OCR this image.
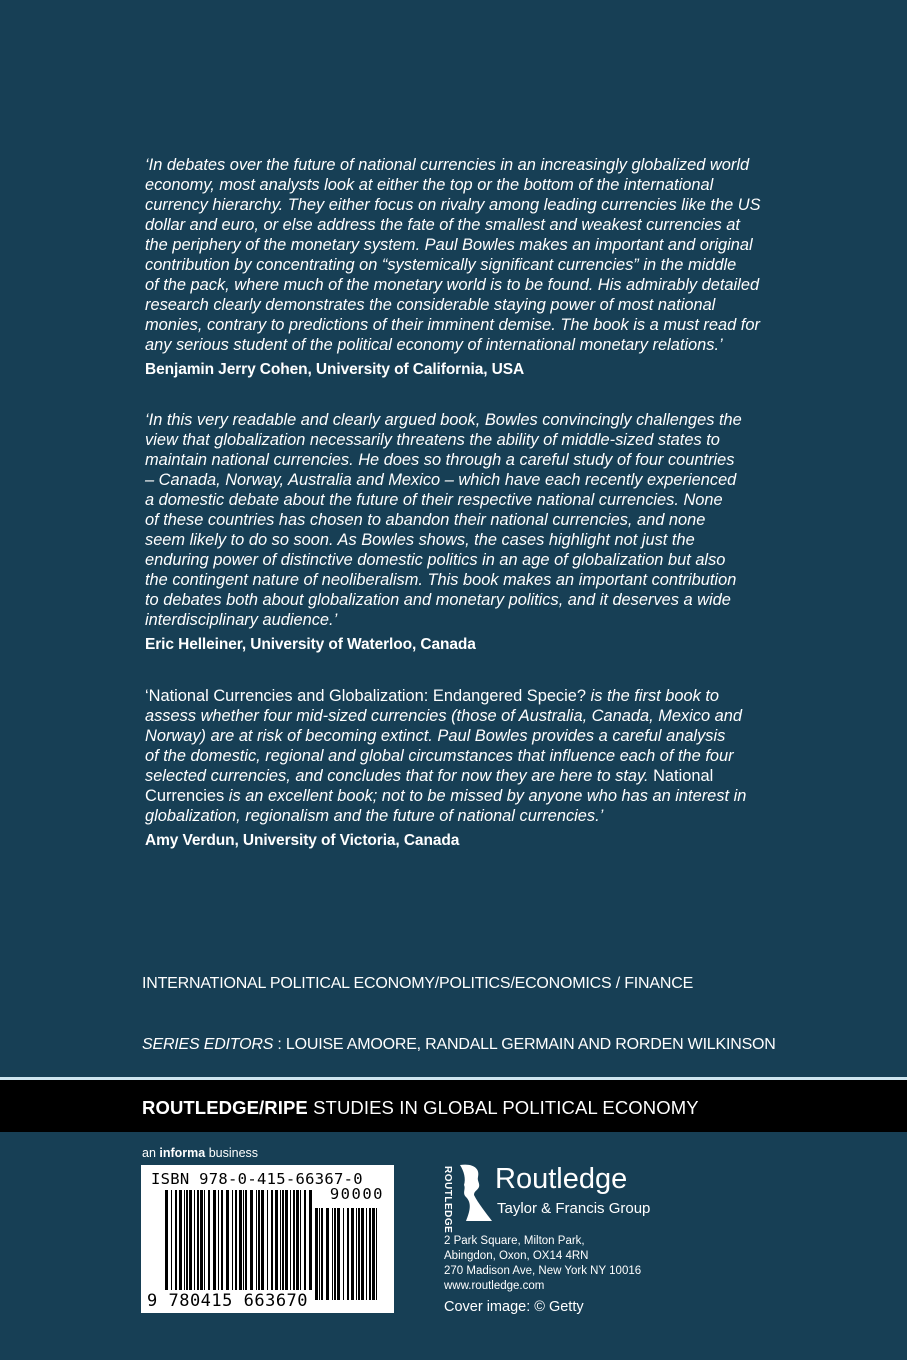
‘In debates over the future of national currencies in an increasingly globalized world
economy, most analysts look at either the top or the bottom of the international
currency hierarchy. They either focus on rivalry among leading currencies like the US
dollar and euro, or else address the fate of the smallest and weakest currencies at
the periphery of the monetary system. Paul Bowles makes an important and original
contribution by concentrating on “systemically significant currencies” in the middle
of the pack, where much of the monetary world is to be found. His admirably detailed
research clearly demonstrates the considerable staying power of most national
monies, contrary to predictions of their imminent demise. The book is a must read for
any serious student of the political economy of international monetary relations.’
Benjamin Jerry Cohen, University of California, USA
‘In this very readable and clearly argued book, Bowles convincingly challenges the
view that globalization necessarily threatens the ability of middle-sized states to
maintain national currencies. He does so through a careful study of four countries
– Canada, Norway, Australia and Mexico – which have each recently experienced
a domestic debate about the future of their respective national currencies. None
of these countries has chosen to abandon their national currencies, and none
seem likely to do so soon. As Bowles shows, the cases highlight not just the
enduring power of distinctive domestic politics in an age of globalization but also
the contingent nature of neoliberalism. This book makes an important contribution
to debates both about globalization and monetary politics, and it deserves a wide
interdisciplinary audience.’
Eric Helleiner, University of Waterloo, Canada
‘National Currencies and Globalization: Endangered Specie? is the first book to
assess whether four mid-sized currencies (those of Australia, Canada, Mexico and
Norway) are at risk of becoming extinct. Paul Bowles provides a careful analysis
of the domestic, regional and global circumstances that influence each of the four
selected currencies, and concludes that for now they are here to stay. National
Currencies is an excellent book; not to be missed by anyone who has an interest in
globalization, regionalism and the future of national currencies.’
Amy Verdun, University of Victoria, Canada
INTERNATIONAL POLITICAL ECONOMY/POLITICS/ECONOMICS / FINANCE
SERIES EDITORS : LOUISE AMOORE, RANDALL GERMAIN AND RORDEN WILKINSON
ROUTLEDGE/RIPE STUDIES IN GLOBAL POLITICAL ECONOMY
an informa business
ISBN 978-0-415-66367-0
90000
9 780415 663670
ROUTLEDGE Routledge
Taylor & Francis Group
2 Park Square, Milton Park,
Abingdon, Oxon, OX14 4RN
270 Madison Ave, New York NY 10016
www.routledge.com
Cover image: © Getty
